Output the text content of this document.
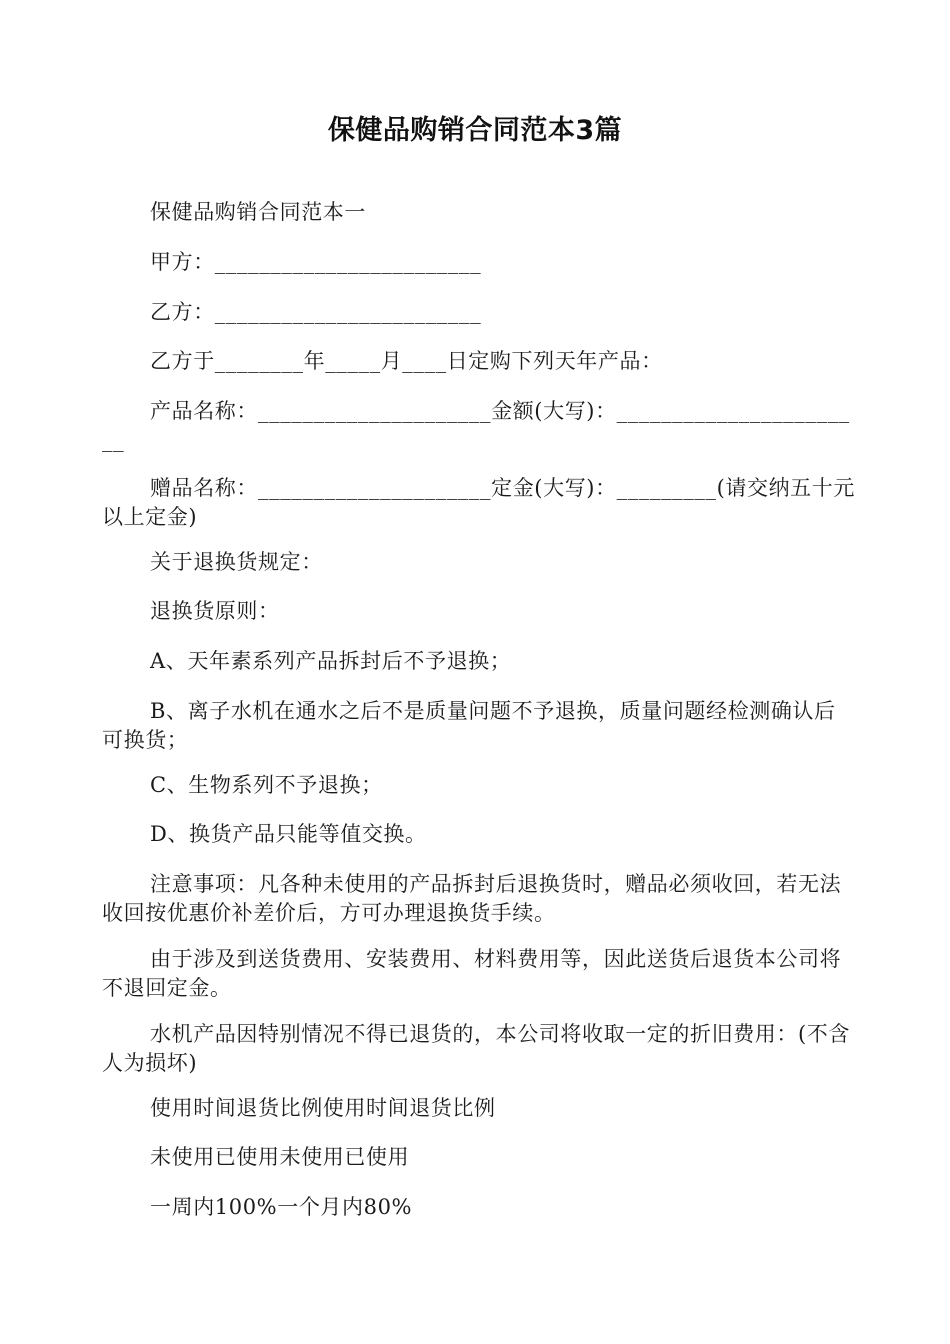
保健品购销合同范本3篇
保健品购销合同范本一
甲方：________________________
乙方：________________________
乙方于________年_____月____日定购下列天年产品：
产品名称：_____________________金额(大写)：_______________________
赠品名称：_____________________定金(大写)：_________(请交纳五十元以上定金)
关于退换货规定：
退换货原则：
A、天年素系列产品拆封后不予退换；
B、离子水机在通水之后不是质量问题不予退换，质量问题经检测确认后可换货；
C、生物系列不予退换；
D、换货产品只能等值交换。
注意事项：凡各种未使用的产品拆封后退换货时，赠品必须收回，若无法收回按优惠价补差价后，方可办理退换货手续。
由于涉及到送货费用、安装费用、材料费用等，因此送货后退货本公司将不退回定金。
水机产品因特别情况不得已退货的，本公司将收取一定的折旧费用：(不含人为损坏)
使用时间退货比例使用时间退货比例
未使用已使用未使用已使用
一周内100%一个月内80%
